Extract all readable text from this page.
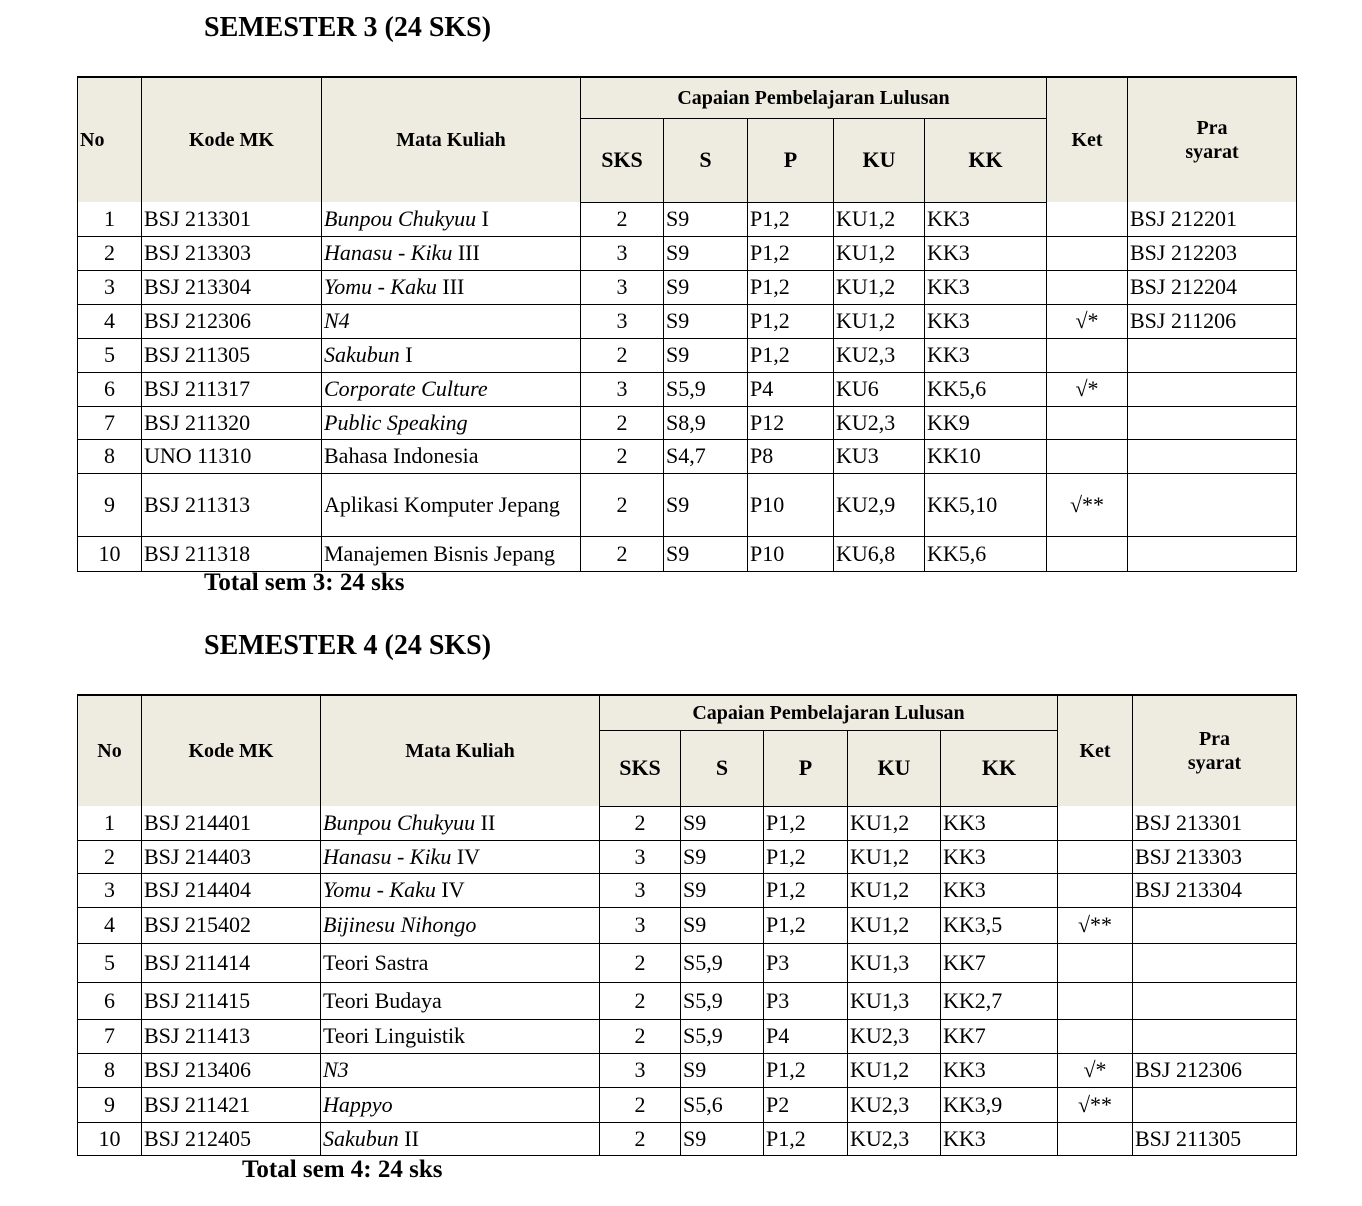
SEMESTER 3 (24 SKS)
No	Kode MK	Mata Kuliah	Capaian Pembelajaran Lulusan					Ket	Pra syarat
			SKS	S	P	KU	KK		
1	BSJ 213301	Bunpou Chukyuu I	2	S9	P1,2	KU1,2	KK3		BSJ 212201
2	BSJ 213303	Hanasu - Kiku III	3	S9	P1,2	KU1,2	KK3		BSJ 212203
3	BSJ 213304	Yomu - Kaku III	3	S9	P1,2	KU1,2	KK3		BSJ 212204
4	BSJ 212306	N4	3	S9	P1,2	KU1,2	KK3	√*	BSJ 211206
5	BSJ 211305	Sakubun I	2	S9	P1,2	KU2,3	KK3		
6	BSJ 211317	Corporate Culture	3	S5,9	P4	KU6	KK5,6	√*	
7	BSJ 211320	Public Speaking	2	S8,9	P12	KU2,3	KK9		
8	UNO 11310	Bahasa Indonesia	2	S4,7	P8	KU3	KK10		
9	BSJ 211313	Aplikasi Komputer Jepang	2	S9	P10	KU2,9	KK5,10	√**	
10	BSJ 211318	Manajemen Bisnis Jepang	2	S9	P10	KU6,8	KK5,6		
Total sem 3: 24 sks
SEMESTER 4 (24 SKS)
No	Kode MK	Mata Kuliah	Capaian Pembelajaran Lulusan					Ket	Pra syarat
			SKS	S	P	KU	KK		
1	BSJ 214401	Bunpou Chukyuu II	2	S9	P1,2	KU1,2	KK3		BSJ 213301
2	BSJ 214403	Hanasu - Kiku IV	3	S9	P1,2	KU1,2	KK3		BSJ 213303
3	BSJ 214404	Yomu - Kaku IV	3	S9	P1,2	KU1,2	KK3		BSJ 213304
4	BSJ 215402	Bijinesu Nihongo	3	S9	P1,2	KU1,2	KK3,5	√**	
5	BSJ 211414	Teori Sastra	2	S5,9	P3	KU1,3	KK7		
6	BSJ 211415	Teori Budaya	2	S5,9	P3	KU1,3	KK2,7		
7	BSJ 211413	Teori Linguistik	2	S5,9	P4	KU2,3	KK7		
8	BSJ 213406	N3	3	S9	P1,2	KU1,2	KK3	√*	BSJ 212306
9	BSJ 211421	Happyo	2	S5,6	P2	KU2,3	KK3,9	√**	
10	BSJ 212405	Sakubun II	2	S9	P1,2	KU2,3	KK3		BSJ 211305
Total sem 4: 24 sks
